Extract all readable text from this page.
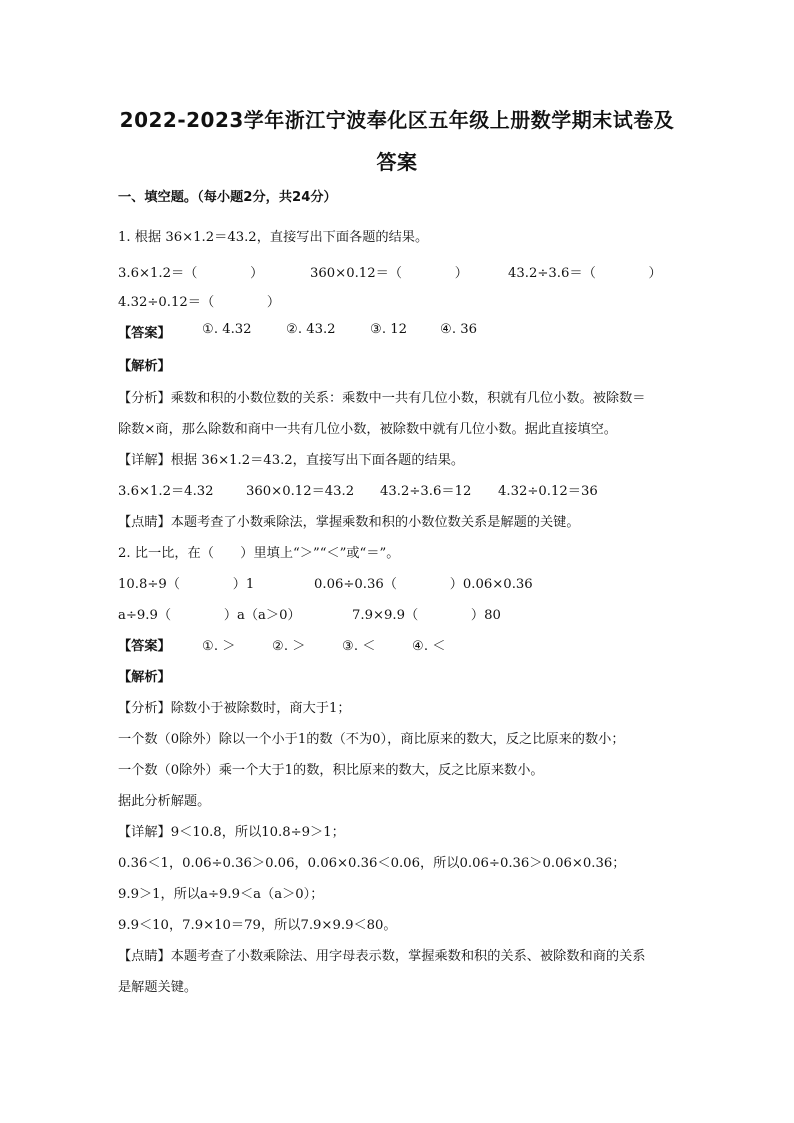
2022-2023学年浙江宁波奉化区五年级上册数学期末试卷及
答案
一、填空题。（每小题2分，共24分）
1. 根据 36×1.2＝43.2，直接写出下面各题的结果。
3.6×1.2＝（　　　　）	360×0.12＝（　　　　）	43.2÷3.6＝（　　　　）
4.32÷0.12＝（　　　　）
【答案】 ①. 4.32	②. 43.2	③. 12	④. 36
【解析】
【分析】乘数和积的小数位数的关系：乘数中一共有几位小数，积就有几位小数。被除数＝
除数×商，那么除数和商中一共有几位小数，被除数中就有几位小数。据此直接填空。
【详解】根据 36×1.2＝43.2，直接写出下面各题的结果。
3.6×1.2＝4.32 360×0.12＝43.2 43.2÷3.6＝12 4.32÷0.12＝36
【点睛】本题考查了小数乘除法，掌握乘数和积的小数位数关系是解题的关键。
2. 比一比，在（　　）里填上“＞”“＜”或“＝”。
10.8÷9（　　　　）1	0.06÷0.36（　　　　）0.06×0.36
a÷9.9（　　　　）a（a＞0）	7.9×9.9（　　　　）80
【答案】 ①. ＞	②. ＞	③. ＜	④. ＜
【解析】
【分析】除数小于被除数时，商大于1；
一个数（0除外）除以一个小于1的数（不为0），商比原来的数大，反之比原来的数小；
一个数（0除外）乘一个大于1的数，积比原来的数大，反之比原来数小。
据此分析解题。
【详解】9＜10.8，所以10.8÷9＞1；
0.36＜1，0.06÷0.36＞0.06，0.06×0.36＜0.06，所以0.06÷0.36＞0.06×0.36；
9.9＞1，所以a÷9.9＜a（a＞0）；
9.9＜10，7.9×10＝79，所以7.9×9.9＜80。
【点睛】本题考查了小数乘除法、用字母表示数，掌握乘数和积的关系、被除数和商的关系
是解题关键。
